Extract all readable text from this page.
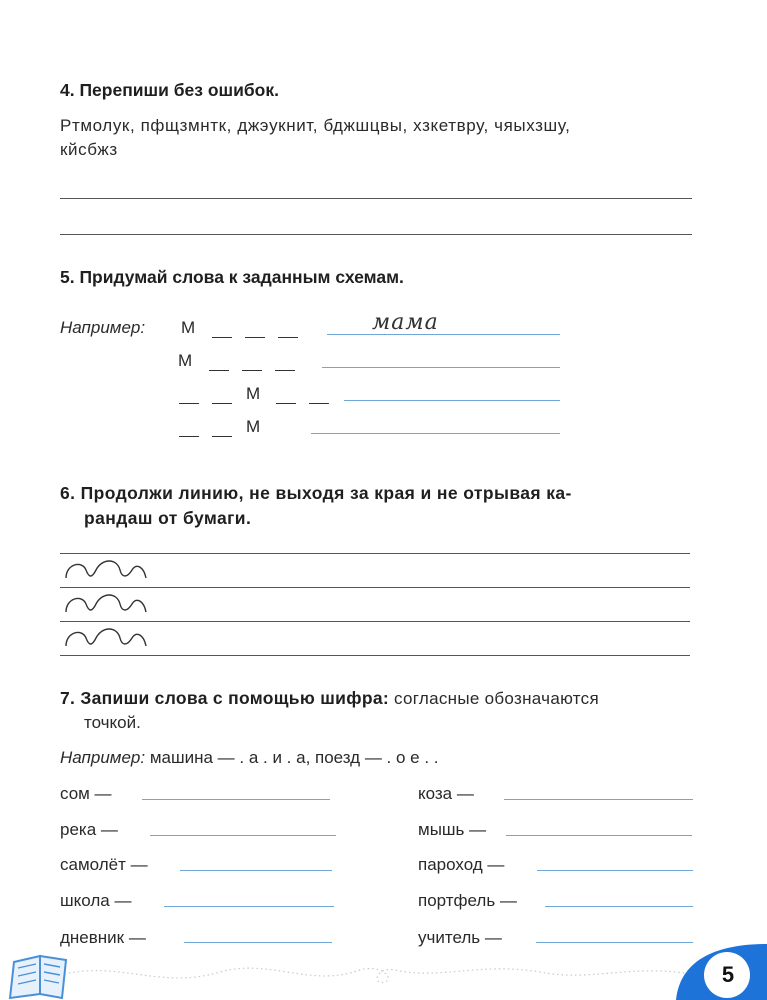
4. Перепиши без ошибок.
Ртмолук, пфщзмнтк, джэукнит, бджшцвы, хзкетвру, чяыхзшу,
кйсбжз
5. Придумай слова к заданным схемам.
Например: М	мама
М
М
М
6. Продолжи линию, не выходя за края и не отрывая ка-
рандаш от бумаги.
7. Запиши слова с помощью шифра: согласные обозначаются
точкой.
Например: машина — . а . и . а, поезд — . о е . .
сом —
река —
самолёт —
школа —
дневник —
коза —
мышь —
пароход —
портфель —
учитель —
5
